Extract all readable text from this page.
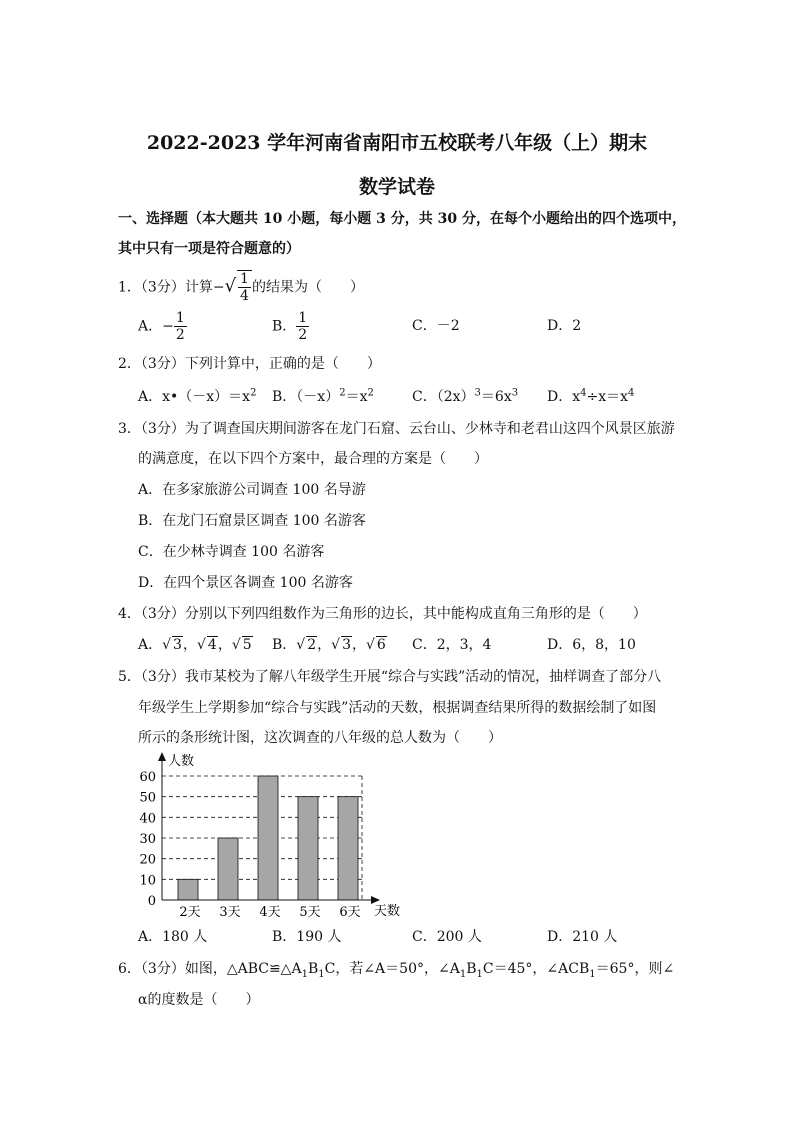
2022-2023 学年河南省南阳市五校联考八年级（上）期末
数学试卷
一、选择题（本大题共 10 小题，每小题 3 分，共 30 分，在每个小题给出的四个选项中，
其中只有一项是符合题意的）
1．（3分）计算−√ $\frac{1}{4}$ 的结果为（　　）
A．− $\frac{1}{2}$	B． $\frac{1}{2}$	C．－2	D．2
2．（3分）下列计算中，正确的是（　　）
A．$x•(-x)=x^2$ B．$(-x)^2=x^2$	C．$(2x)^3=6x^3$ D．$x^4\div x=x^4$
3．（3分）为了调查国庆期间游客在龙门石窟、云台山、少林寺和老君山这四个风景区旅游
的满意度，在以下四个方案中，最合理的方案是（　　）
A．在多家旅游公司调查 100 名导游
B．在龙门石窟景区调查 100 名游客
C．在少林寺调查 100 名游客
D．在四个景区各调查 100 名游客
4．（3分）分别以下列四组数作为三角形的边长，其中能构成直角三角形的是（　　）
A．√ 3，√ 4，√ 5 B．√ 2，√ 3，√ 6 C．2，3，4	D．6，8，10
5．（3分）我市某校为了解八年级学生开展“综合与实践”活动的情况，抽样调查了部分八
年级学生上学期参加“综合与实践”活动的天数，根据调查结果所得的数据绘制了如图
所示的条形统计图，这次调查的八年级的总人数为（　　）
人数
天数
0
10
20
30
40
50
60
2天 3天 4天 5天 6天
A．180 人	B．190 人	C．200 人	D．210 人
6．（3分）如图，$\triangle ABC≌\triangle A_1B_1C$，若∠A＝50°，$\angle A_1B_1C=45^\circ$，$\angle ACB_1=65^\circ$，则∠
α的度数是（　　）
